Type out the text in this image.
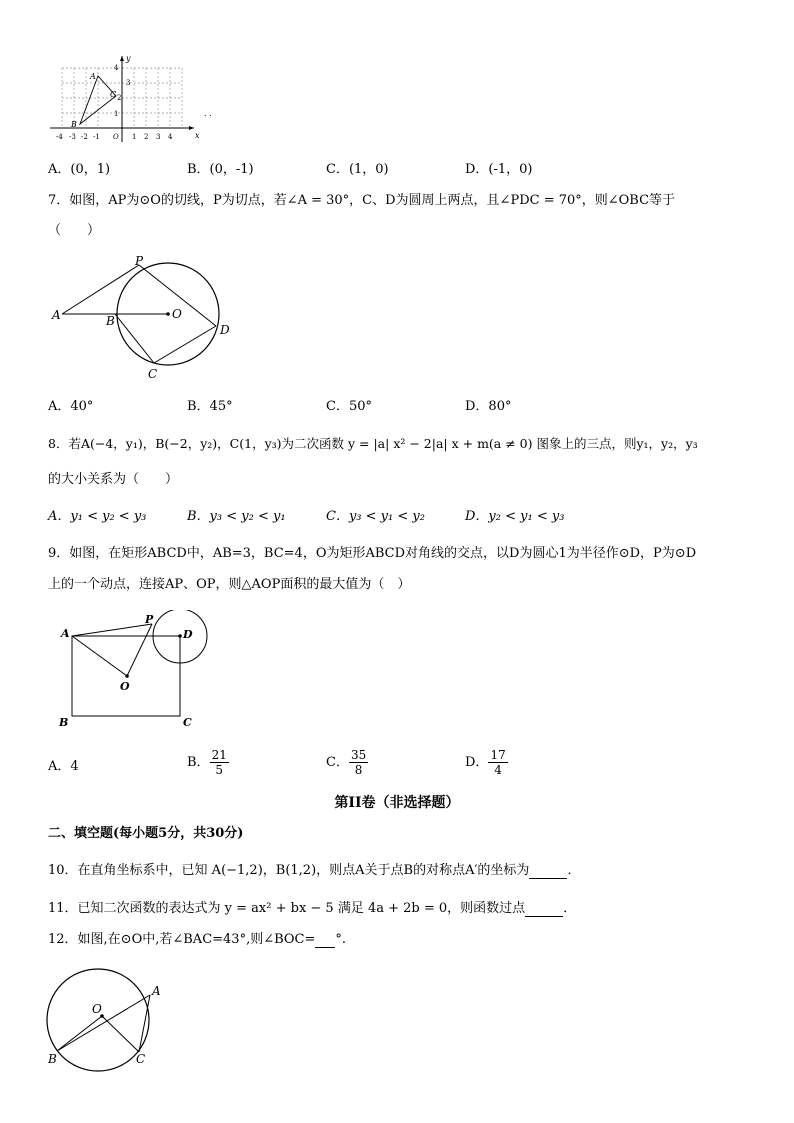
A
B
C
4
3
2
1
y
x
-4 -3 -2 -1 O 1 2 3 4
. .
A．(0，1)	B．(0，-1)	C．(1，0)	D．(-1，0)
7．如图，AP为⊙O的切线，P为切点，若∠A = 30°，C、D为圆周上两点，且∠PDC = 70°，则∠OBC等于
（　　）
A	B	O
P
D
C
A．40°	B．45°	C．50°	D．80°
8．若A(−4，y₁)，B(−2，y₂)，C(1，y₃)为二次函数 y = |a| x² − 2|a| x + m(a ≠ 0) 图象上的三点，则y₁，y₂，y₃
的大小关系为（　　）
A．y₁ < y₂ < y₃	B．y₃ < y₂ < y₁	C．y₃ < y₁ < y₂	D．y₂ < y₁ < y₃
9．如图，在矩形ABCD中，AB=3，BC=4，O为矩形ABCD对角线的交点，以D为圆心1为半径作⊙D，P为⊙D
上的一个动点，连接AP、OP，则△AOP面积的最大值为（　）
A
P
D
O
B	C
A．4	B． $\frac{21}{5}$	C． $\frac{35}{8}$	D． $\frac{17}{4}$
第II卷（非选择题）
二、填空题(每小题5分，共30分)
10．在直角坐标系中，已知 A(−1,2)，B(1,2)，则点A关于点B的对称点A′的坐标为	．
11．已知二次函数的表达式为 y = ax² + bx − 5 满足 4a + 2b = 0，则函数过点	．
12．如图,在⊙O中,若∠BAC=43°,则∠BOC= °.
O
A
B	C
